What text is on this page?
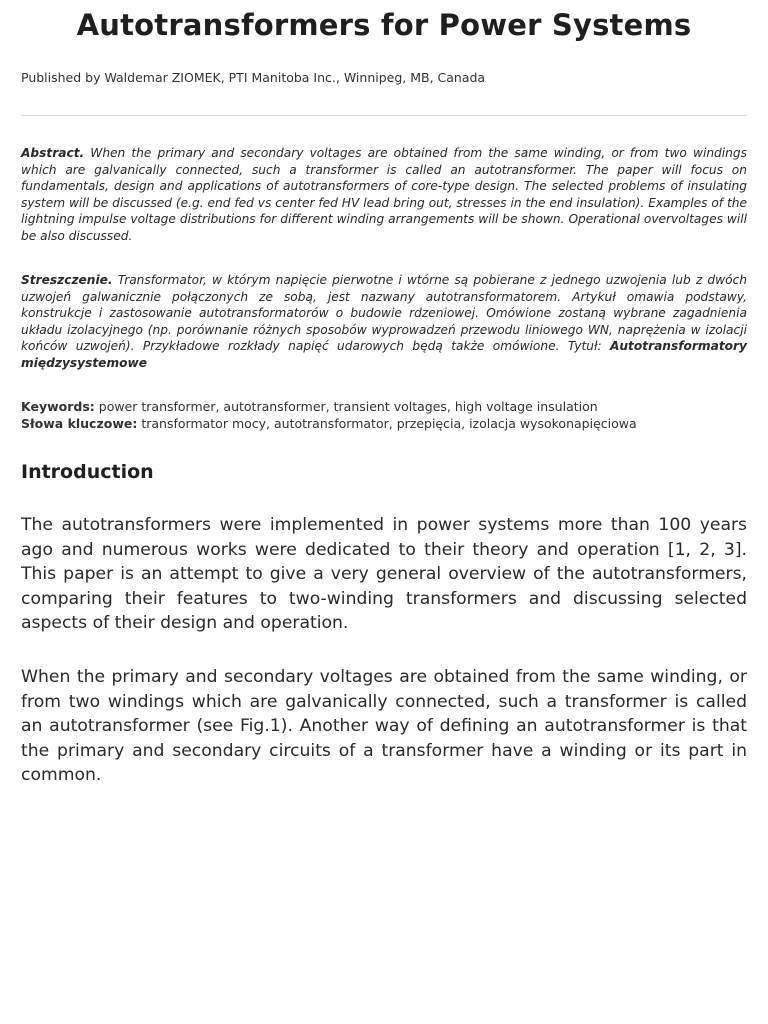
Autotransformers for Power Systems
Published by Waldemar ZIOMEK, PTI Manitoba Inc., Winnipeg, MB, Canada

Abstract. When the primary and secondary voltages are obtained from the same winding, or from two windings which are galvanically connected, such a transformer is called an autotransformer. The paper will focus on fundamentals, design and applications of autotransformers of core-type design. The selected problems of insulating system will be discussed (e.g. end fed vs center fed HV lead bring out, stresses in the end insulation). Examples of the lightning impulse voltage distributions for different winding arrangements will be shown. Operational overvoltages will be also discussed.

Streszczenie. Transformator, w którym napięcie pierwotne i wtórne są pobierane z jednego uzwojenia lub z dwóch uzwojeń galwanicznie połączonych ze sobą, jest nazwany autotransformatorem. Artykuł omawia podstawy, konstrukcje i zastosowanie autotransformatorów o budowie rdzeniowej. Omówione zostaną wybrane zagadnienia układu izolacyjnego (np. porównanie różnych sposobów wyprowadzeń przewodu liniowego WN, naprężenia w izolacji końców uzwojeń). Przykładowe rozkłady napięć udarowych będą także omówione. Tytuł: Autotransformatory międzysystemowe

Keywords: power transformer, autotransformer, transient voltages, high voltage insulation
Słowa kluczowe: transformator mocy, autotransformator, przepięcia, izolacja wysokonapięciowa
Introduction

The autotransformers were implemented in power systems more than 100 years ago and numerous works were dedicated to their theory and operation [1, 2, 3]. This paper is an attempt to give a very general overview of the autotransformers, comparing their features to two-winding transformers and discussing selected aspects of their design and operation.

When the primary and secondary voltages are obtained from the same winding, or from two windings which are galvanically connected, such a transformer is called an autotransformer (see Fig.1). Another way of defining an autotransformer is that the primary and secondary circuits of a transformer have a winding or its part in common.
